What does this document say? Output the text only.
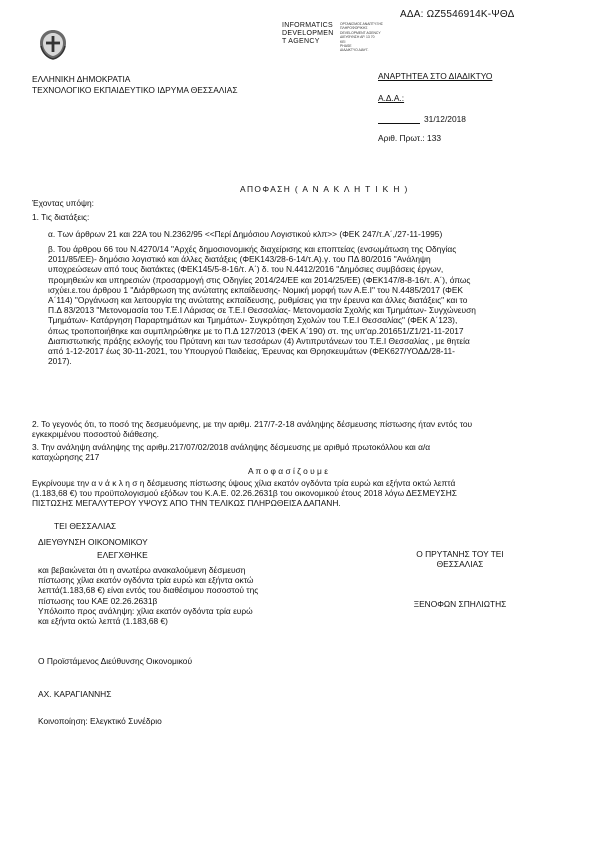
INFORMATICS
DEVELOPMEN
T AGENCY
ΟΡΓΑΝΙΣΜΟΣ ΑΝΑΠΤΥΞΗΣ
ΠΛΗΡΟΦΟΡΙΚΗΣ
DEVELOPMENT AGENCY
ΔΙΕΥΘΥΝΣΗ ΑΡ. 13 70
ΚΕΙ
PHASE
ΔΙΑΔΙΚΤΥΟ ΔΙΑΥΓ.
ΑΔΑ: ΩΖ5546914Κ-ΨΘΔ
ΕΛΛΗΝΙΚΗ ΔΗΜΟΚΡΑΤΙΑ
ΤΕΧΝΟΛΟΓΙΚΟ ΕΚΠΑΙΔΕΥΤΙΚΟ ΙΔΡΥΜΑ ΘΕΣΣΑΛΙΑΣ
ΑΝΑΡΤΗΤΕΑ ΣΤΟ ΔΙΑΔΙΚΤΥΟ
Α.Δ.Α.:
31/12/2018
Αριθ. Πρωτ.: 133
ΑΠΟΦΑΣΗ ( Α Ν Α Κ Λ Η Τ Ι Κ Η )
Έχοντας υπόψη:
1. Τις διατάξεις:
α. Των άρθρων 21 και 22Α του Ν.2362/95 <<Περί Δημόσιου Λογιστικού κλπ>> (ΦΕΚ 247/τ.Α΄,/27-11-1995)
β. Του άρθρου 66 του Ν.4270/14 "Αρχές δημοσιονομικής διαχείρισης και εποπτείας (ενσωμάτωση της Οδηγίας
2011/85/ΕΕ)- δημόσιο λογιστικό και άλλες διατάξεις (ΦΕΚ143/28-6-14/τ.Α).γ. του ΠΔ 80/2016 "Ανάληψη
υποχρεώσεων από τους διατάκτες (ΦΕΚ145/5-8-16/τ. Α΄) δ. του Ν.4412/2016 "Δημόσιες συμβάσεις έργων,
προμηθειών και υπηρεσιών (προσαρμογή στις Οδηγίες 2014/24/ΕΕ και 2014/25/ΕΕ) (ΦΕΚ147/8-8-16/τ. Α΄), όπως
ισχύει.ε.του άρθρου 1 "Διάρθρωση της ανώτατης εκπαίδευσης- Νομική μορφή των Α.Ε.Ι" του Ν.4485/2017 (ΦΕΚ
Α΄114) "Οργάνωση και λειτουργία της ανώτατης εκπαίδευσης, ρυθμίσεις για την έρευνα και άλλες διατάξεις" και το
Π.Δ 83/2013 "Μετονομασία του Τ.Ε.Ι Λάρισας σε Τ.Ε.Ι Θεσσαλίας- Μετονομασία Σχολής και Τμημάτων- Συγχώνευση
Τμημάτων- Κατάργηση Παραρτημάτων και Τμημάτων- Συγκρότηση Σχολών του Τ.Ε.Ι Θεσσαλίας" (ΦΕΚ Α΄123),
όπως τροποποιήθηκε και συμπληρώθηκε με το Π.Δ 127/2013 (ΦΕΚ Α΄190) στ. της υπ'αρ.201651/Ζ1/21-11-2017
Διαπιστωτικής πράξης εκλογής του Πρύτανη και των τεσσάρων (4) Αντιπρυτάνεων του Τ.Ε.Ι Θεσσαλίας , με θητεία
από 1-12-2017 έως 30-11-2021, του Υπουργού Παιδείας, Έρευνας και Θρησκευμάτων (ΦΕΚ627/ΥΟΔΔ/28-11-
2017).
2. Το γεγονός ότι, το ποσό της δεσμευόμενης, με την αριθμ. 217/7-2-18 ανάληψης δέσμευσης πίστωσης ήταν εντός του
εγκεκριμένου ποσοστού διάθεσης.
3. Την ανάληψη ανάληψης της αριθμ.217/07/02/2018 ανάληψης δέσμευσης με αριθμό πρωτοκόλλου και α/α
καταχώρησης 217
Α π ο φ α σ ί ζ ο υ μ ε
Εγκρίνουμε την α ν ά κ λ η σ η δέσμευσης πίστωσης ύψους χίλια εκατόν ογδόντα τρία ευρώ και εξήντα οκτώ λεπτά
(1.183,68 €) του προϋπολογισμού εξόδων του Κ.Α.Ε. 02.26.2631β του οικονομικού έτους 2018 λόγω ΔΕΣΜΕΥΣΗΣ
ΠΙΣΤΩΣΗΣ ΜΕΓΑΛΥΤΕΡΟΥ ΥΨΟΥΣ ΑΠΟ ΤΗΝ ΤΕΛΙΚΩΣ ΠΛΗΡΩΘΕΙΣΑ ΔΑΠΑΝΗ.
ΤΕΙ ΘΕΣΣΑΛΙΑΣ
ΔΙΕΥΘΥΝΣΗ ΟΙΚΟΝΟΜΙΚΟΥ
ΕΛΕΓΧΘΗΚΕ
και βεβαιώνεται ότι η ανωτέρω ανακαλούμενη δέσμευση
πίστωσης χίλια εκατόν ογδόντα τρία ευρώ και εξήντα οκτώ
λεπτά(1.183,68 €) είναι εντός του διαθέσιμου ποσοστού της
πίστωσης του ΚΑΕ 02.26.2631β
Υπόλοιπο προς ανάληψη: χίλια εκατόν ογδόντα τρία ευρώ
και εξήντα οκτώ λεπτά (1.183,68 €)
Ο Προϊστάμενος Διεύθυνσης Οικονομικού
ΑΧ. ΚΑΡΑΓΙΑΝΝΗΣ
Κοινοποίηση: Ελεγκτικό Συνέδριο
Ο ΠΡΥΤΑΝΗΣ ΤΟΥ ΤΕΙ
ΘΕΣΣΑΛΙΑΣ
ΞΕΝΟΦΩΝ ΣΠΗΛΙΩΤΗΣ
